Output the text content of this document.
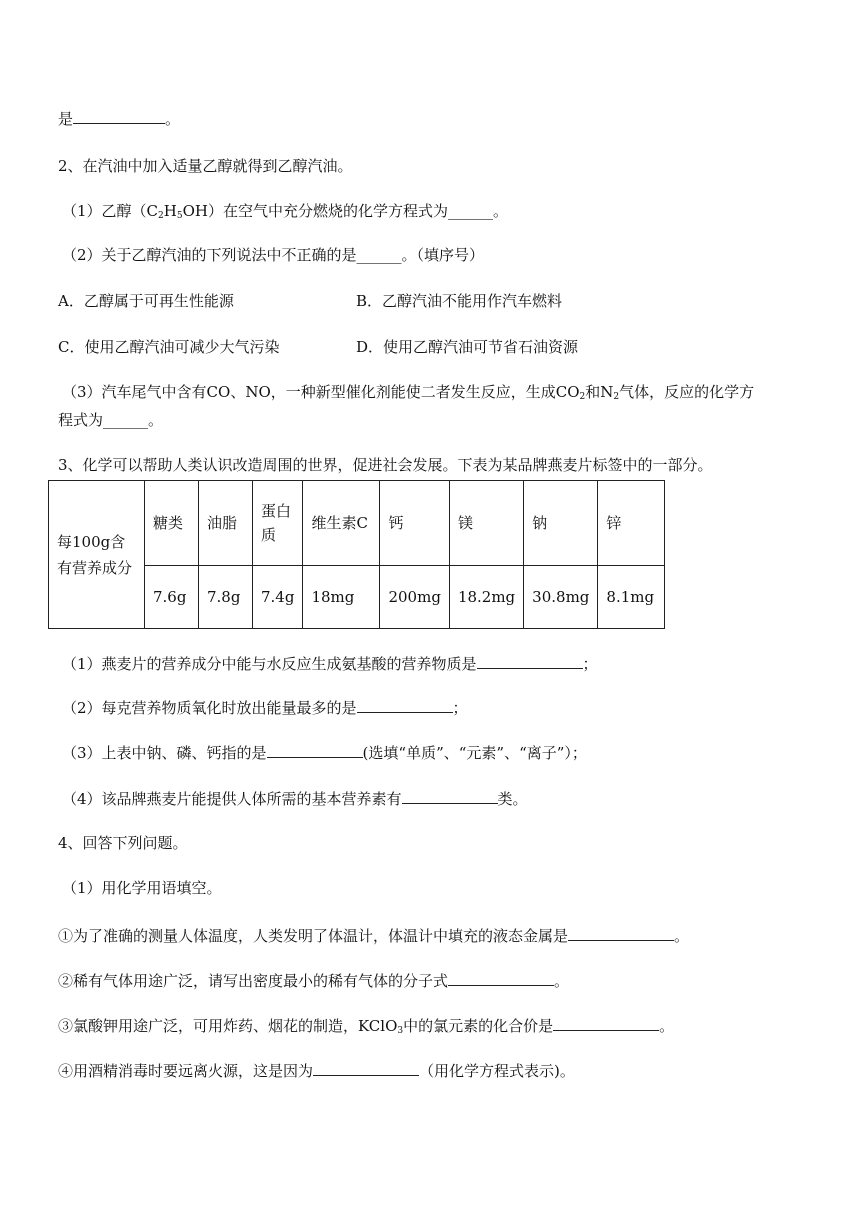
是	。
2、在汽油中加入适量乙醇就得到乙醇汽油。
（1）乙醇$(C_2H_5OH)$在空气中充分燃烧的化学方程式为______。
（2）关于乙醇汽油的下列说法中不正确的是______。（填序号）
A．乙醇属于可再生性能源	B．乙醇汽油不能用作汽车燃料
C．使用乙醇汽油可减少大气污染	D．使用乙醇汽油可节省石油资源
（3）汽车尾气中含有CO、NO，一种新型催化剂能使二者发生反应，生成$CO_2$和$N_2$气体，反应的化学方
程式为______。
3、化学可以帮助人类认识改造周围的世界，促进社会发展。下表为某品牌燕麦片标签中的一部分。
每100g含有营养成分	糖类	油脂	蛋白质	维生素C	钙	镁	钠	锌
	7.6g	7.8g	7.4g	18mg	200mg	18.2mg	30.8mg	8.1mg
（1）燕麦片的营养成分中能与水反应生成氨基酸的营养物质是	；
（2）每克营养物质氧化时放出能量最多的是	；
（3）上表中钠、磷、钙指的是	(选填“单质”、“元素”、“离子”）；
（4）该品牌燕麦片能提供人体所需的基本营养素有	类。
4、回答下列问题。
（1）用化学用语填空。
①为了准确的测量人体温度，人类发明了体温计，体温计中填充的液态金属是	。
②稀有气体用途广泛，请写出密度最小的稀有气体的分子式	。
③氯酸钾用途广泛，可用炸药、烟花的制造，KClO$_3$中的氯元素的化合价是	。
④用酒精消毒时要远离火源，这是因为	（用化学方程式表示)。
